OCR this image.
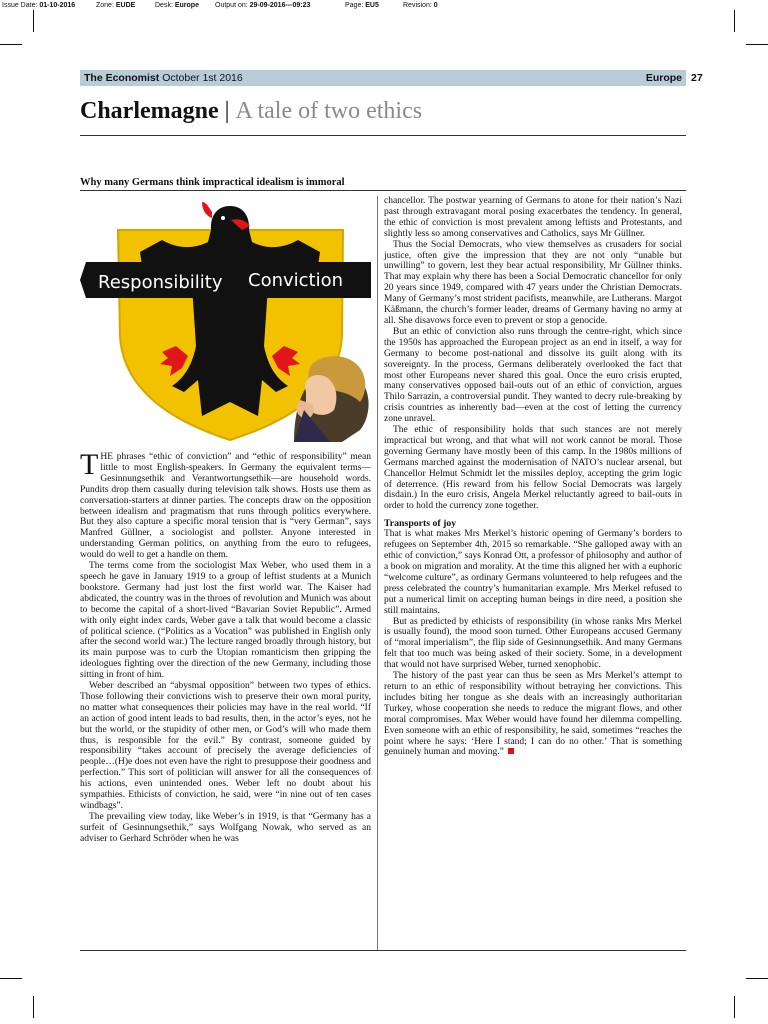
Issue Date: 01-10-2016	Zone: EUDE	Desk: Europe Output on: 29-09-2016---09:23	Page: EU5	Revision: 0
The Economist October 1st 2016	Europe 27
Charlemagne | A tale of two ethics
Why many Germans think impractical idealism is immoral
Responsibility Conviction

THE phrases “ethic of conviction” and “ethic of responsibility” mean little to most English-speakers. In Germany the equivalent terms—Gesinnungsethik and Verantwortungsethik—are household words. Pundits drop them casually during television talk shows. Hosts use them as conversation-starters at dinner parties. The concepts draw on the opposition between idealism and pragmatism that runs through politics everywhere. But they also capture a specific moral tension that is “very German”, says Manfred Güllner, a sociologist and pollster. Anyone interested in understanding German politics, on anything from the euro to refugees, would do well to get a handle on them.

The terms come from the sociologist Max Weber, who used them in a speech he gave in January 1919 to a group of leftist students at a Munich bookstore. Germany had just lost the first world war. The Kaiser had abdicated, the country was in the throes of revolution and Munich was about to become the capital of a short-lived “Bavarian Soviet Republic”. Armed with only eight index cards, Weber gave a talk that would become a classic of political science. (“Politics as a Vocation” was published in English only after the second world war.) The lecture ranged broadly through history, but its main purpose was to curb the Utopian romanticism then gripping the ideologues fighting over the direction of the new Germany, including those sitting in front of him.

Weber described an “abysmal opposition” between two types of ethics. Those following their convictions wish to preserve their own moral purity, no matter what consequences their policies may have in the real world. “If an action of good intent leads to bad results, then, in the actor’s eyes, not he but the world, or the stupidity of other men, or God’s will who made them thus, is responsible for the evil.” By contrast, someone guided by responsibility “takes account of precisely the average deficiencies of people…(H)e does not even have the right to presuppose their goodness and perfection.” This sort of politician will answer for all the consequences of his actions, even unintended ones. Weber left no doubt about his sympathies. Ethicists of conviction, he said, were “in nine out of ten cases windbags”.

The prevailing view today, like Weber’s in 1919, is that “Germany has a surfeit of Gesinnungsethik,” says Wolfgang Nowak, who served as an adviser to Gerhard Schröder when he was

chancellor. The postwar yearning of Germans to atone for their nation’s Nazi past through extravagant moral posing exacerbates the tendency. In general, the ethic of conviction is most prevalent among leftists and Protestants, and slightly less so among conservatives and Catholics, says Mr Güllner.

Thus the Social Democrats, who view themselves as crusaders for social justice, often give the impression that they are not only “unable but unwilling” to govern, lest they bear actual responsibility, Mr Güllner thinks. That may explain why there has been a Social Democratic chancellor for only 20 years since 1949, compared with 47 years under the Christian Democrats. Many of Germany’s most strident pacifists, meanwhile, are Lutherans. Margot Käßmann, the church’s former leader, dreams of Germany having no army at all. She disavows force even to prevent or stop a genocide.

But an ethic of conviction also runs through the centre-right, which since the 1950s has approached the European project as an end in itself, a way for Germany to become post-national and dissolve its guilt along with its sovereignty. In the process, Germans deliberately overlooked the fact that most other Europeans never shared this goal. Once the euro crisis erupted, many conservatives opposed bail-outs out of an ethic of conviction, argues Thilo Sarrazin, a controversial pundit. They wanted to decry rule-breaking by crisis countries as inherently bad—even at the cost of letting the currency zone unravel.

The ethic of responsibility holds that such stances are not merely impractical but wrong, and that what will not work cannot be moral. Those governing Germany have mostly been of this camp. In the 1980s millions of Germans marched against the modernisation of NATO’s nuclear arsenal, but Chancellor Helmut Schmidt let the missiles deploy, accepting the grim logic of deterrence. (His reward from his fellow Social Democrats was largely disdain.) In the euro crisis, Angela Merkel reluctantly agreed to bail-outs in order to hold the currency zone together.

Transports of joy

That is what makes Mrs Merkel’s historic opening of Germany’s borders to refugees on September 4th, 2015 so remarkable. “She galloped away with an ethic of conviction,” says Konrad Ott, a professor of philosophy and author of a book on migration and morality. At the time this aligned her with a euphoric “welcome culture”, as ordinary Germans volunteered to help refugees and the press celebrated the country’s humanitarian example. Mrs Merkel refused to put a numerical limit on accepting human beings in dire need, a position she still maintains.

But as predicted by ethicists of responsibility (in whose ranks Mrs Merkel is usually found), the mood soon turned. Other Europeans accused Germany of “moral imperialism”, the flip side of Gesinnungsethik. And many Germans felt that too much was being asked of their society. Some, in a development that would not have surprised Weber, turned xenophobic.

The history of the past year can thus be seen as Mrs Merkel’s attempt to return to an ethic of responsibility without betraying her convictions. This includes biting her tongue as she deals with an increasingly authoritarian Turkey, whose cooperation she needs to reduce the migrant flows, and other moral compromises. Max Weber would have found her dilemma compelling. Even someone with an ethic of responsibility, he said, sometimes “reaches the point where he says: ‘Here I stand; I can do no other.’ That is something genuinely human and moving.”
